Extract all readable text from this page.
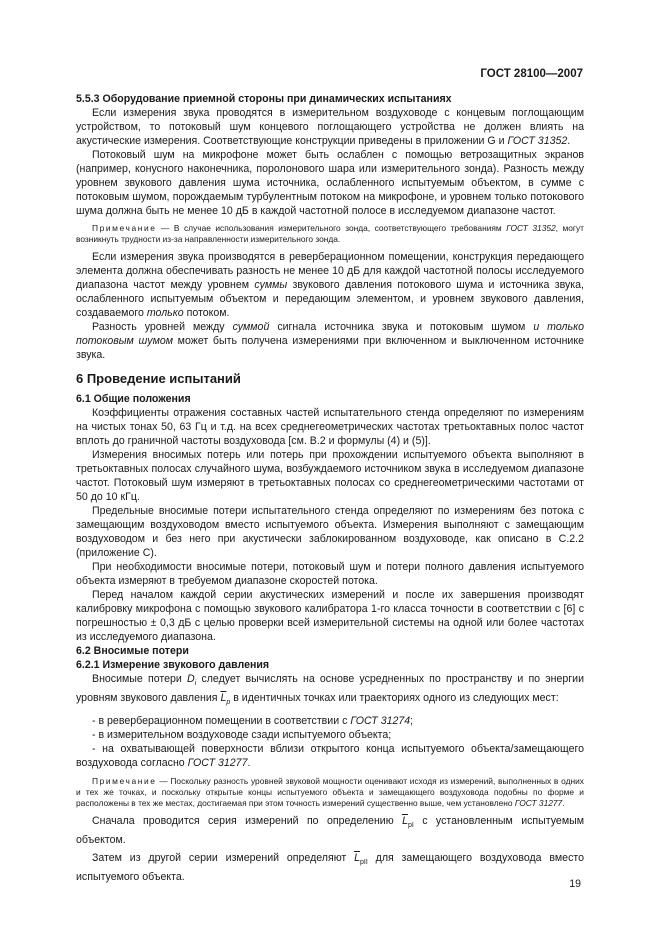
ГОСТ 28100—2007

5.5.3 Оборудование приемной стороны при динамических испытаниях

Если измерения звука проводятся в измерительном воздуховоде с концевым поглощающим устройством, то потоковый шум концевого поглощающего устройства не должен влиять на акустические измерения. Соответствующие конструкции приведены в приложении G и ГОСТ 31352.

Потоковый шум на микрофоне может быть ослаблен с помощью ветрозащитных экранов (например, конусного наконечника, поролонового шара или измерительного зонда). Разность между уровнем звукового давления шума источника, ослабленного испытуемым объектом, в сумме с потоковым шумом, порождаемым турбулентным потоком на микрофоне, и уровнем только потокового шума должна быть не менее 10 дБ в каждой частотной полосе в исследуемом диапазоне частот.

Примечание — В случае использования измерительного зонда, соответствующего требованиям ГОСТ 31352, могут возникнуть трудности из-за направленности измерительного зонда.

Если измерения звука производятся в реверберационном помещении, конструкция передающего элемента должна обеспечивать разность не менее 10 дБ для каждой частотной полосы исследуемого диапазона частот между уровнем суммы звукового давления потокового шума и источника звука, ослабленного испытуемым объектом и передающим элементом, и уровнем звукового давления, создаваемого только потоком.

Разность уровней между суммой сигнала источника звука и потоковым шумом и только потоковым шумом может быть получена измерениями при включенном и выключенном источнике звука.

6 Проведение испытаний

6.1 Общие положения

Коэффициенты отражения составных частей испытательного стенда определяют по измерениям на чистых тонах 50, 63 Гц и т.д. на всех среднегеометрических частотах третьоктавных полос частот вплоть до граничной частоты воздуховода [см. В.2 и формулы (4) и (5)].

Измерения вносимых потерь или потерь при прохождении испытуемого объекта выполняют в третьоктавных полосах случайного шума, возбуждаемого источником звука в исследуемом диапазоне частот. Потоковый шум измеряют в третьоктавных полосах со среднегеометрическими частотами от 50 до 10 кГц.

Предельные вносимые потери испытательного стенда определяют по измерениям без потока с замещающим воздуховодом вместо испытуемого объекта. Измерения выполняют с замещающим воздуховодом и без него при акустически заблокированном воздуховоде, как описано в С.2.2 (приложение С).

При необходимости вносимые потери, потоковый шум и потери полного давления испытуемого объекта измеряют в требуемом диапазоне скоростей потока.

Перед началом каждой серии акустических измерений и после их завершения производят калибровку микрофона с помощью звукового калибратора 1-го класса точности в соответствии с [6] с погрешностью ± 0,3 дБ с целью проверки всей измерительной системы на одной или более частотах из исследуемого диапазона.

6.2 Вносимые потери

6.2.1 Измерение звукового давления

Вносимые потери $D_i$ следует вычислять на основе усредненных по пространству и по энергии уровням звукового давления $\overline{L}_p$ в идентичных точках или траекториях одного из следующих мест:

- в реверберационном помещении в соответствии с ГОСТ 31274;

- в измерительном воздуховоде сзади испытуемого объекта;

- на охватывающей поверхности вблизи открытого конца испытуемого объекта/замещающего воздуховода согласно ГОСТ 31277.

Примечание — Поскольку разность уровней звуковой мощности оценивают исходя из измерений, выполненных в одних и тех же точках, и поскольку открытые концы испытуемого объекта и замещающего воздуховода подобны по форме и расположены в тех же местах, достигаемая при этом точность измерений существенно выше, чем установлено ГОСТ 31277.

Сначала проводится серия измерений по определению $\overline{L}_{pI}$ с установленным испытуемым объектом.

Затем из другой серии измерений определяют $\overline{L}_{pII}$ для замещающего воздуховода вместо испытуемого объекта.

19
